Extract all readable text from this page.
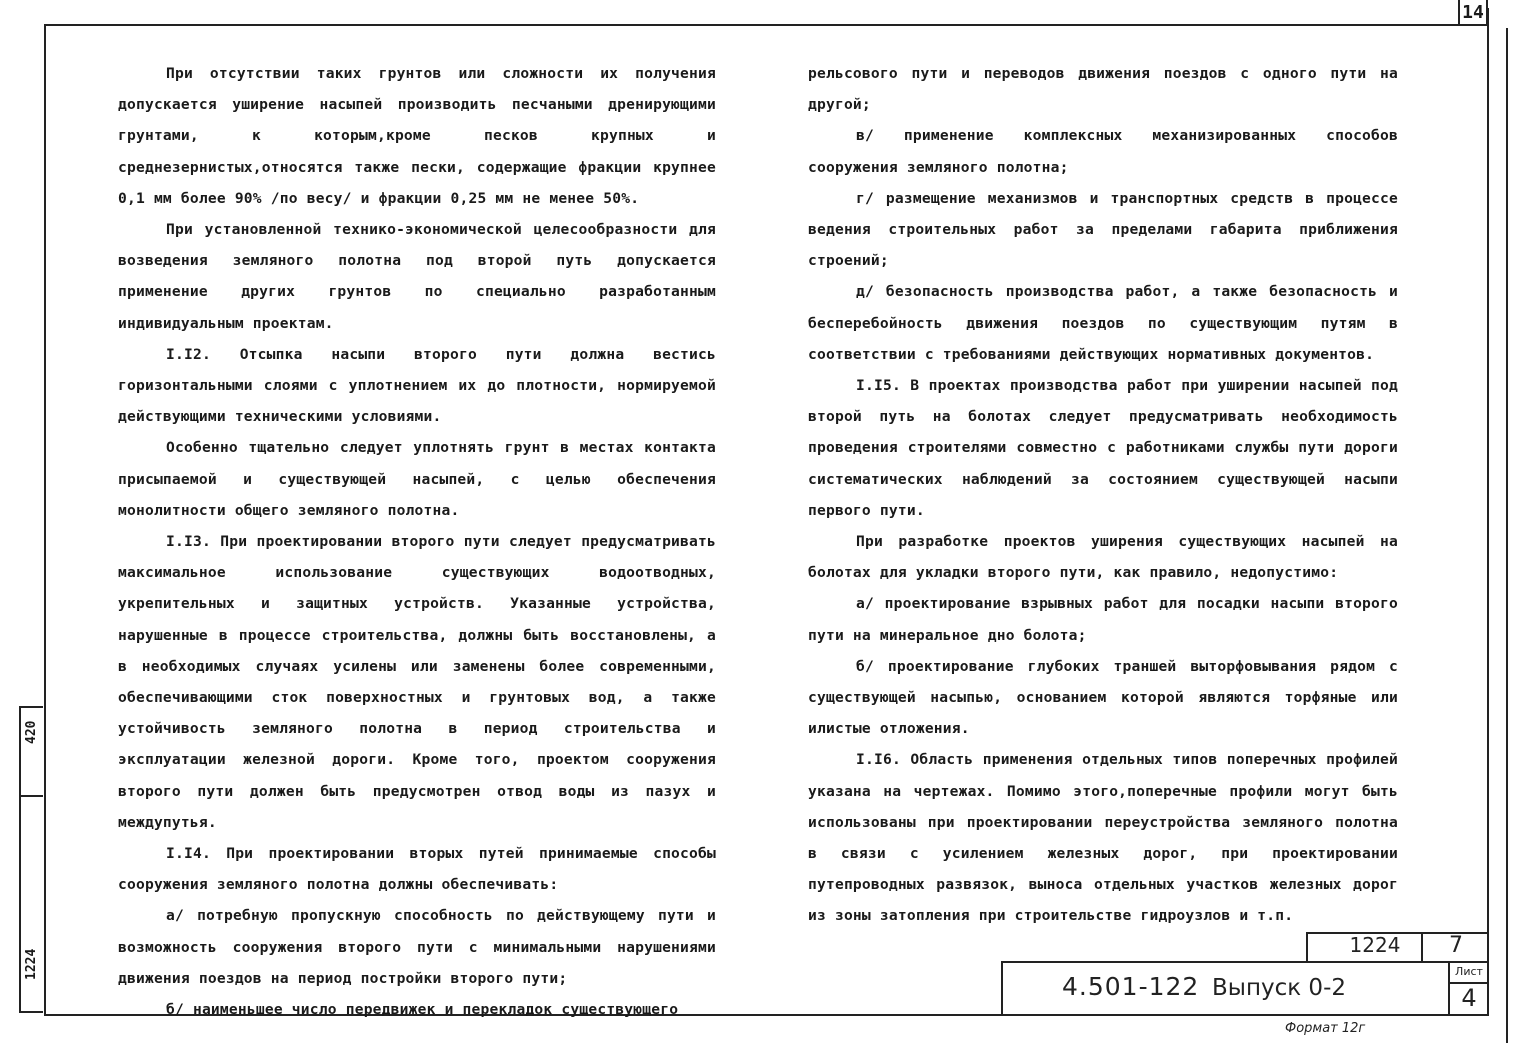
14
420
1224

При отсутствии таких грунтов или сложности их получения допускается уширение насыпей производить песчаными дренирующими грунтами, к которым,кроме песков крупных и среднезернистых,относятся также пески, содержащие фракции крупнее 0,1 мм более 90% /по весу/ и фракции 0,25 мм не менее 50%.

При установленной технико-экономической целесообразности для возведения земляного полотна под второй путь допускается применение других грунтов по специально разработанным индивидуальным проектам.

I.I2. Отсыпка насыпи второго пути должна вестись горизонтальными слоями с уплотнением их до плотности, нормируемой действующими техническими условиями.

Особенно тщательно следует уплотнять грунт в местах контакта присыпаемой и существующей насыпей, с целью обеспечения монолитности общего земляного полотна.

I.I3. При проектировании второго пути следует предусматривать максимальное использование существующих водоотводных, укрепительных и защитных устройств. Указанные устройства, нарушенные в процессе строительства, должны быть восстановлены, а в необходимых случаях усилены или заменены более современными, обеспечивающими сток поверхностных и грунтовых вод, а также устойчивость земляного полотна в период строительства и эксплуатации железной дороги. Кроме того, проектом сооружения второго пути должен быть предусмотрен отвод воды из пазух и междупутья.

I.I4. При проектировании вторых путей принимаемые способы сооружения земляного полотна должны обеспечивать:

а/ потребную пропускную способность по действующему пути и возможность сооружения второго пути с минимальными нарушениями движения поездов на период постройки второго пути;

б/ наименьшее число передвижек и перекладок существующего

рельсового пути и переводов движения поездов с одного пути на другой;

в/ применение комплексных механизированных способов сооружения земляного полотна;

г/ размещение механизмов и транспортных средств в процессе ведения строительных работ за пределами габарита приближения строений;

д/ безопасность производства работ, а также безопасность и бесперебойность движения поездов по существующим путям в соответствии с требованиями действующих нормативных документов.

I.I5. В проектах производства работ при уширении насыпей под второй путь на болотах следует предусматривать необходимость проведения строителями совместно с работниками службы пути дороги систематических наблюдений за состоянием существующей насыпи первого пути.

При разработке проектов уширения существующих насыпей на болотах для укладки второго пути, как правило, недопустимо:

а/ проектирование взрывных работ для посадки насыпи второго пути на минеральное дно болота;

б/ проектирование глубоких траншей выторфовывания рядом с существующей насыпью, основанием которой являются торфяные или илистые отложения.

I.I6. Область применения отдельных типов поперечных профилей указана на чертежах. Помимо этого,поперечные профили могут быть использованы при проектировании переустройства земляного полотна в связи с усилением железных дорог, при проектировании путепроводных развязок, выноса отдельных участков железных дорог из зоны затопления при строительстве гидроузлов и т.п.

1224	7
4.501-122 Выпуск 0-2
Лист
4
Формат 12г
